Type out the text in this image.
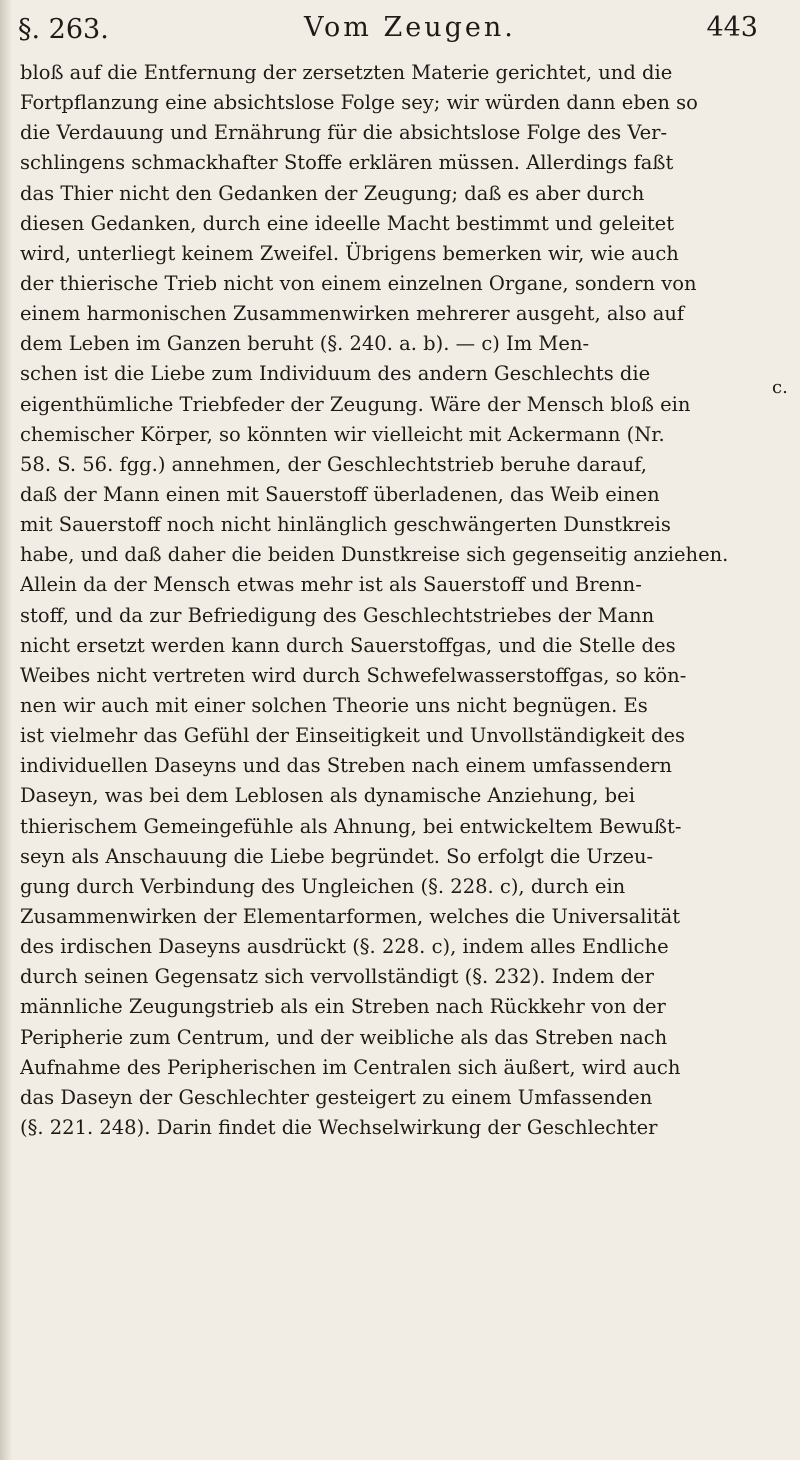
§. 263.	Vom Zeugen.	443
bloß auf die Entfernung der zersetzten Materie gerichtet, und die
Fortpflanzung eine absichtslose Folge sey; wir würden dann eben so
die Verdauung und Ernährung für die absichtslose Folge des Ver-
schlingens schmackhafter Stoffe erklären müssen. Allerdings faßt
das Thier nicht den Gedanken der Zeugung; daß es aber durch
diesen Gedanken, durch eine ideelle Macht bestimmt und geleitet
wird, unterliegt keinem Zweifel. Übrigens bemerken wir, wie auch
der thierische Trieb nicht von einem einzelnen Organe, sondern von
einem harmonischen Zusammenwirken mehrerer ausgeht, also auf
dem Leben im Ganzen beruht (§. 240. a. b). — c) Im Men-
schen ist die Liebe zum Individuum des andern Geschlechts die
eigenthümliche Triebfeder der Zeugung. Wäre der Mensch bloß ein
chemischer Körper, so könnten wir vielleicht mit Ackermann (Nr.
58. S. 56. fgg.) annehmen, der Geschlechtstrieb beruhe darauf,
daß der Mann einen mit Sauerstoff überladenen, das Weib einen
mit Sauerstoff noch nicht hinlänglich geschwängerten Dunstkreis
habe, und daß daher die beiden Dunstkreise sich gegenseitig anziehen.
Allein da der Mensch etwas mehr ist als Sauerstoff und Brenn-
stoff, und da zur Befriedigung des Geschlechtstriebes der Mann
nicht ersetzt werden kann durch Sauerstoffgas, und die Stelle des
Weibes nicht vertreten wird durch Schwefelwasserstoffgas, so kön-
nen wir auch mit einer solchen Theorie uns nicht begnügen. Es
ist vielmehr das Gefühl der Einseitigkeit und Unvollständigkeit des
individuellen Daseyns und das Streben nach einem umfassendern
Daseyn, was bei dem Leblosen als dynamische Anziehung, bei
thierischem Gemeingefühle als Ahnung, bei entwickeltem Bewußt-
seyn als Anschauung die Liebe begründet. So erfolgt die Urzeu-
gung durch Verbindung des Ungleichen (§. 228. c), durch ein
Zusammenwirken der Elementarformen, welches die Universalität
des irdischen Daseyns ausdrückt (§. 228. c), indem alles Endliche
durch seinen Gegensatz sich vervollständigt (§. 232). Indem der
männliche Zeugungstrieb als ein Streben nach Rückkehr von der
Peripherie zum Centrum, und der weibliche als das Streben nach
Aufnahme des Peripherischen im Centralen sich äußert, wird auch
das Daseyn der Geschlechter gesteigert zu einem Umfassenden
(§. 221. 248). Darin findet die Wechselwirkung der Geschlechter
c.
